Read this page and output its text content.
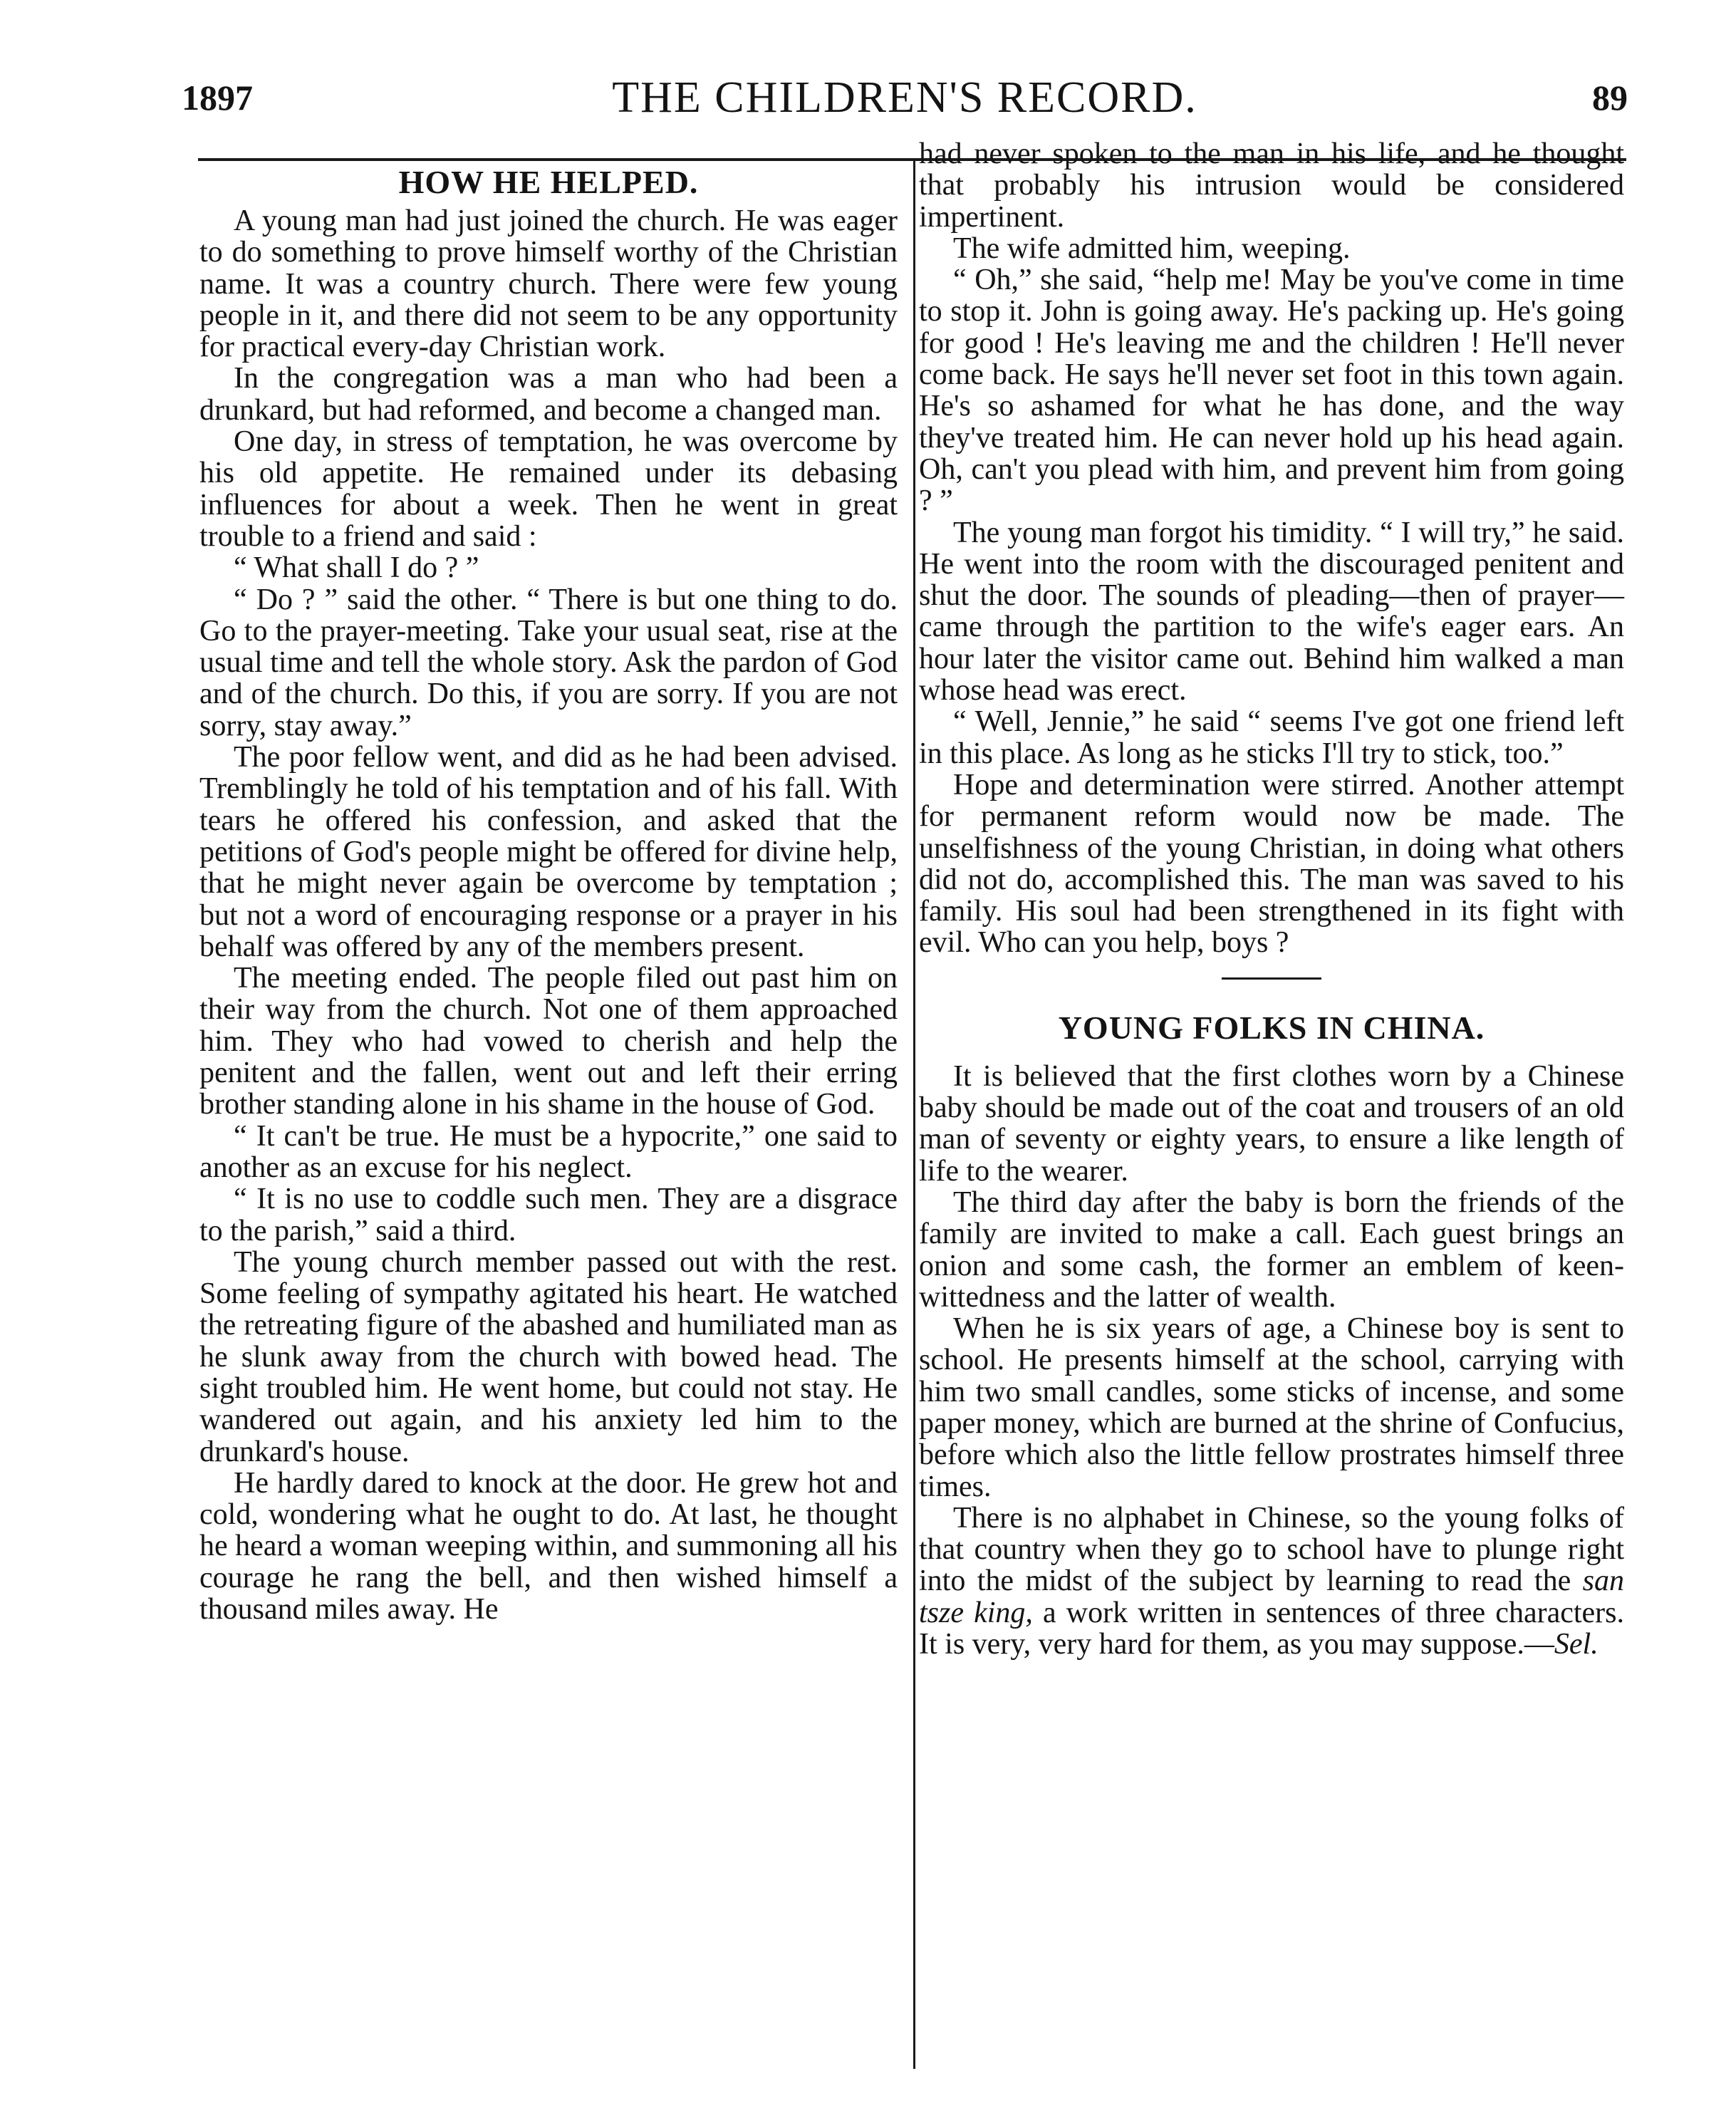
1897	THE CHILDREN'S RECORD.	89
HOW HE HELPED.

A young man had just joined the church. He was eager to do something to prove himself worthy of the Christian name. It was a country church. There were few young people in it, and there did not seem to be any opportunity for practical every-day Christian work.

In the congregation was a man who had been a drunkard, but had reformed, and become a changed man.

One day, in stress of temptation, he was overcome by his old appetite. He remained under its debasing influences for about a week. Then he went in great trouble to a friend and said :

“ What shall I do ? ”

“ Do ? ” said the other. “ There is but one thing to do. Go to the prayer-meeting. Take your usual seat, rise at the usual time and tell the whole story. Ask the pardon of God and of the church. Do this, if you are sorry. If you are not sorry, stay away.”

The poor fellow went, and did as he had been advised. Tremblingly he told of his temptation and of his fall. With tears he offered his confession, and asked that the petitions of God's people might be offered for divine help, that he might never again be overcome by temptation ; but not a word of encouraging response or a prayer in his behalf was offered by any of the members present.

The meeting ended. The people filed out past him on their way from the church. Not one of them approached him. They who had vowed to cherish and help the penitent and the fallen, went out and left their erring brother standing alone in his shame in the house of God.

“ It can't be true. He must be a hypocrite,” one said to another as an excuse for his neglect.

“ It is no use to coddle such men. They are a disgrace to the parish,” said a third.

The young church member passed out with the rest. Some feeling of sympathy agitated his heart. He watched the retreating figure of the abashed and humiliated man as he slunk away from the church with bowed head. The sight troubled him. He went home, but could not stay. He wandered out again, and his anxiety led him to the drunkard's house.

He hardly dared to knock at the door. He grew hot and cold, wondering what he ought to do. At last, he thought he heard a woman weeping within, and summoning all his courage he rang the bell, and then wished himself a thousand miles away. He

had never spoken to the man in his life, and he thought that probably his intrusion would be considered impertinent.

The wife admitted him, weeping.

“ Oh,” she said, “help me! May be you've come in time to stop it. John is going away. He's packing up. He's going for good ! He's leaving me and the children ! He'll never come back. He says he'll never set foot in this town again. He's so ashamed for what he has done, and the way they've treated him. He can never hold up his head again. Oh, can't you plead with him, and prevent him from going ? ”

The young man forgot his timidity. “ I will try,” he said. He went into the room with the discouraged penitent and shut the door. The sounds of pleading—then of prayer—came through the partition to the wife's eager ears. An hour later the visitor came out. Behind him walked a man whose head was erect.

“ Well, Jennie,” he said “ seems I've got one friend left in this place. As long as he sticks I'll try to stick, too.”

Hope and determination were stirred. Another attempt for permanent reform would now be made. The unselfishness of the young Christian, in doing what others did not do, accomplished this. The man was saved to his family. His soul had been strengthened in its fight with evil. Who can you help, boys ?

YOUNG FOLKS IN CHINA.

It is believed that the first clothes worn by a Chinese baby should be made out of the coat and trousers of an old man of seventy or eighty years, to ensure a like length of life to the wearer.

The third day after the baby is born the friends of the family are invited to make a call. Each guest brings an onion and some cash, the former an emblem of keen-wittedness and the latter of wealth.

When he is six years of age, a Chinese boy is sent to school. He presents himself at the school, carrying with him two small candles, some sticks of incense, and some paper money, which are burned at the shrine of Confucius, before which also the little fellow prostrates himself three times.

There is no alphabet in Chinese, so the young folks of that country when they go to school have to plunge right into the midst of the subject by learning to read the san tsze king, a work written in sentences of three characters. It is very, very hard for them, as you may suppose.—Sel.
